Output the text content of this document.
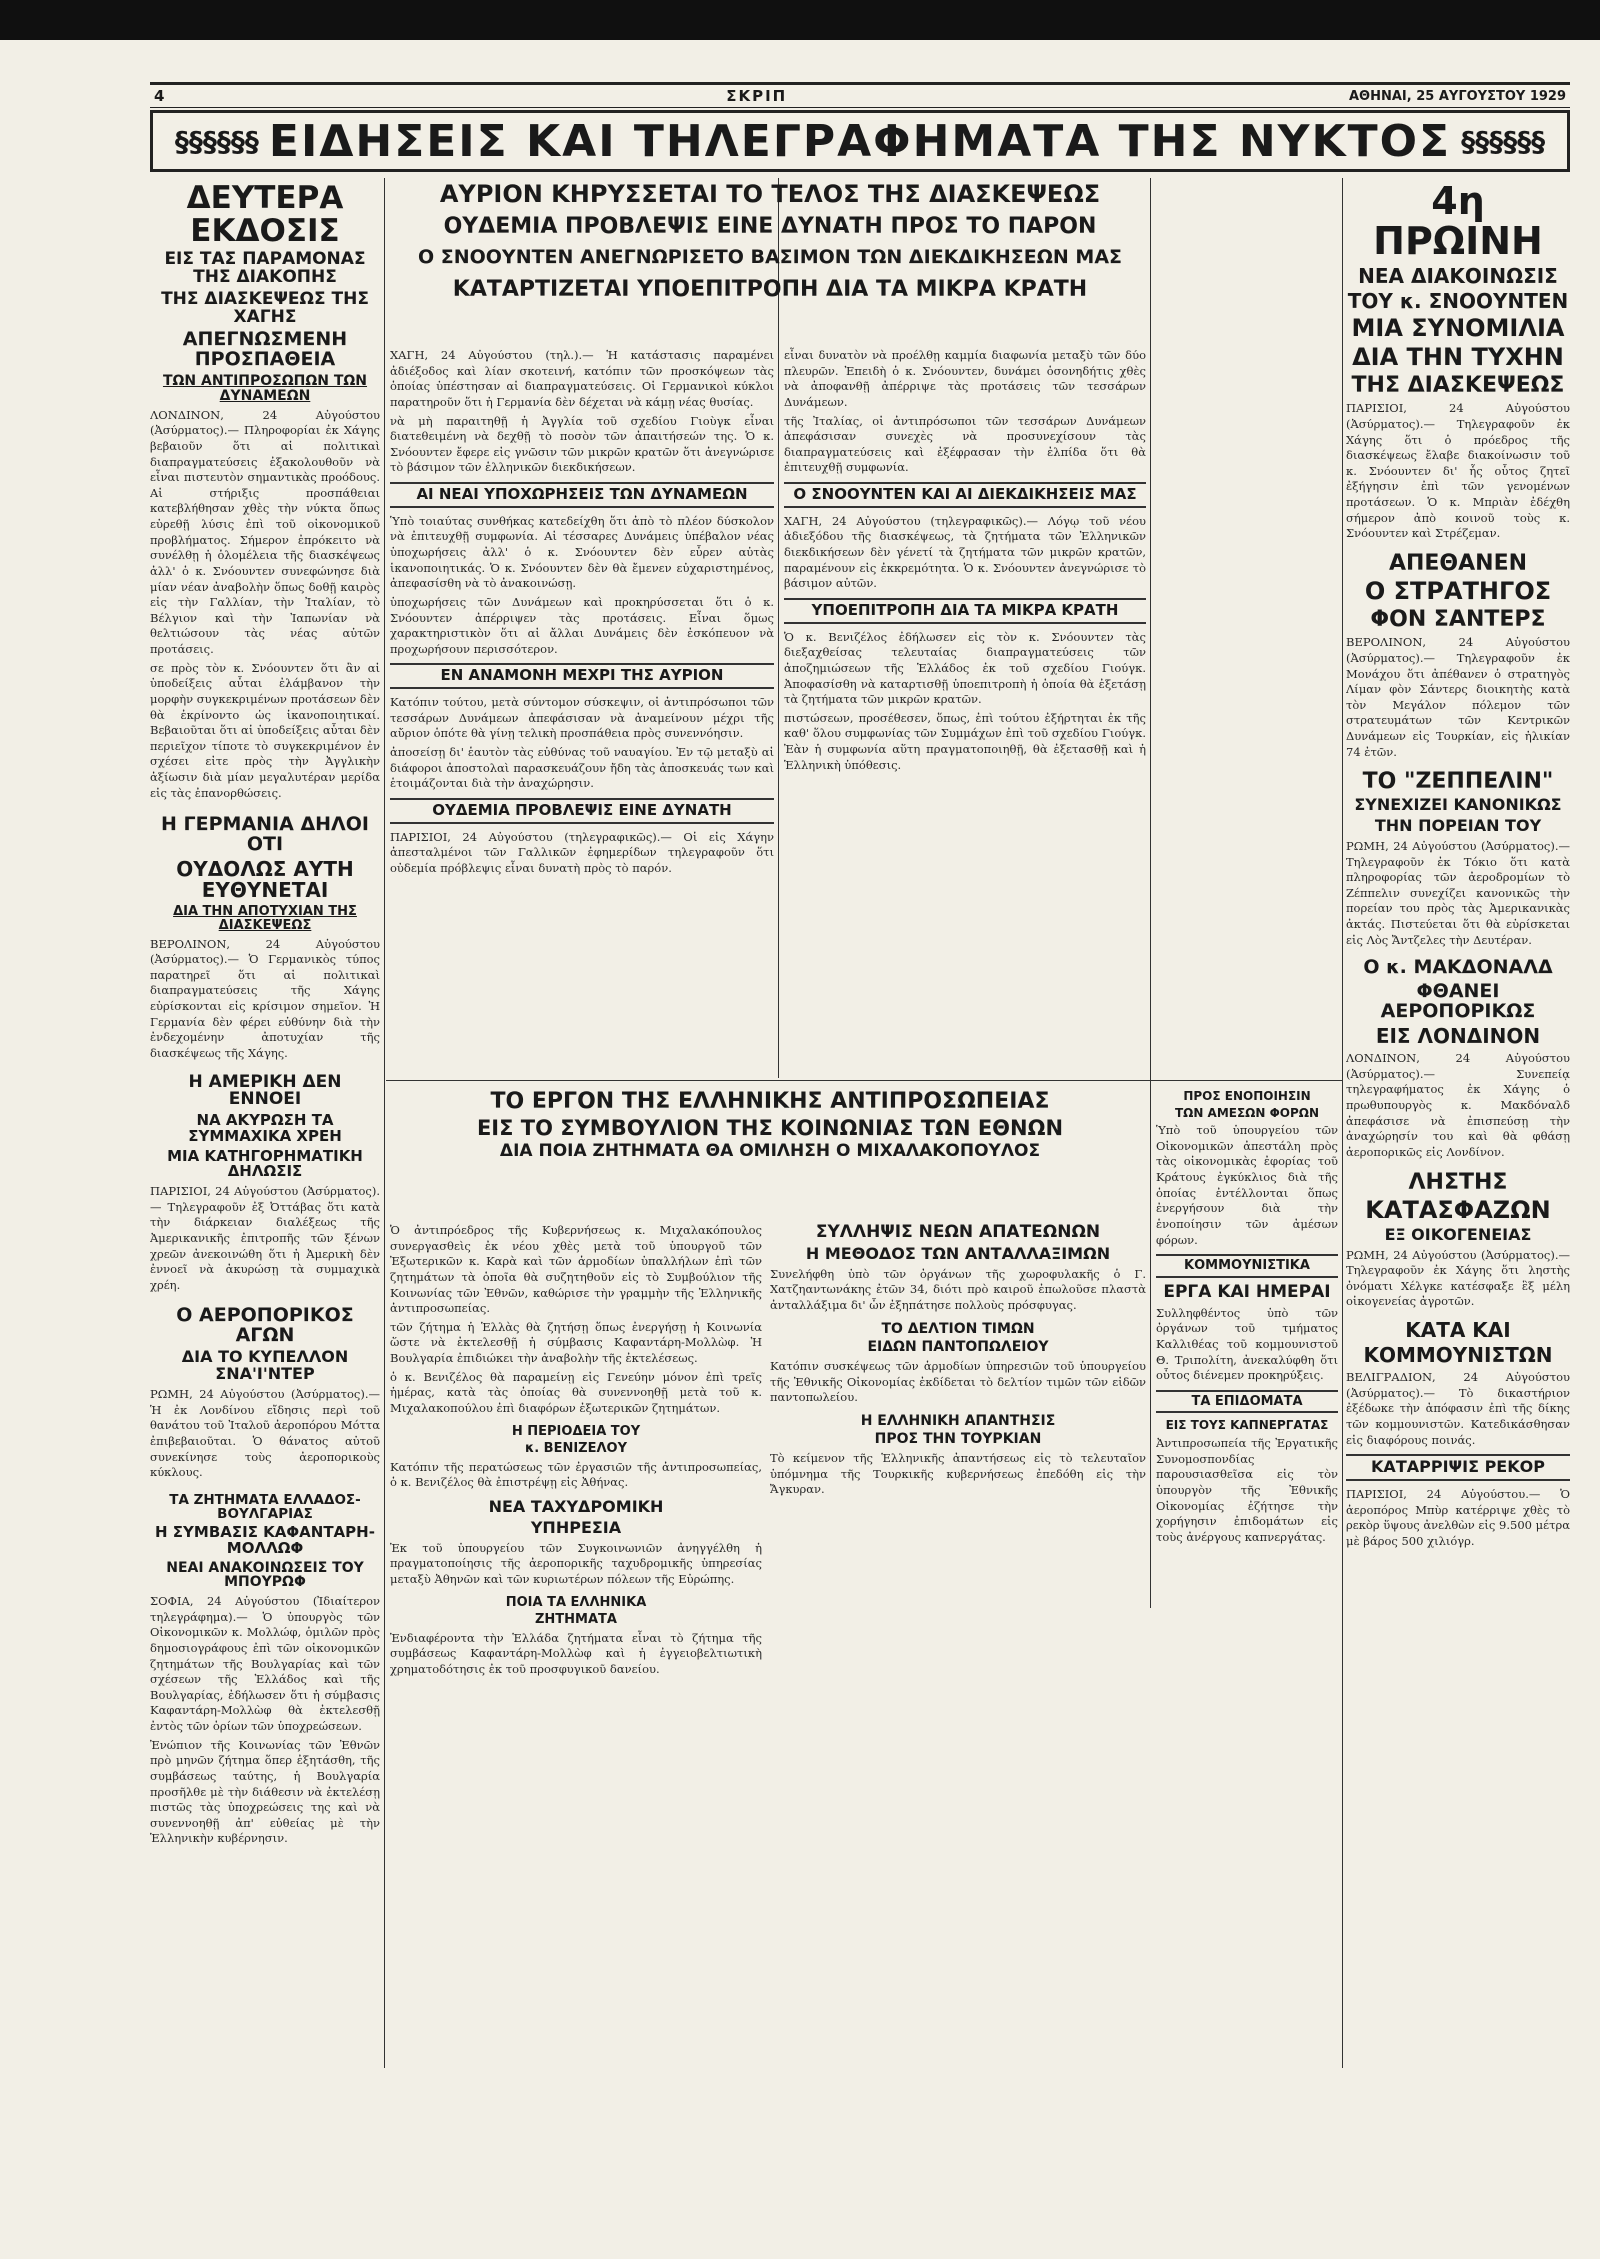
4	ΣΚΡΙΠ	ΑΘΗΝΑΙ, 25 ΑΥΓΟΥΣΤΟΥ 1929
§§§§§§ ΕΙΔΗΣΕΙΣ ΚΑΙ ΤΗΛΕΓΡΑΦΗΜΑΤΑ ΤΗΣ ΝΥΚΤΟΣ §§§§§§
ΔΕΥΤΕΡΑ ΕΚΔΟΣΙΣ
ΕΙΣ ΤΑΣ ΠΑΡΑΜΟΝΑΣ ΤΗΣ ΔΙΑΚΟΠΗΣ
ΤΗΣ ΔΙΑΣΚΕΨΕΩΣ ΤΗΣ ΧΑΓΗΣ
ΑΠΕΓΝΩΣΜΕΝΗ ΠΡΟΣΠΑΘΕΙΑ
ΤΩΝ ΑΝΤΙΠΡΟΣΩΠΩΝ ΤΩΝ ΔΥΝΑΜΕΩΝ

ΛΟΝΔΙΝΟΝ, 24 Αὐγούστου (Ἀσύρματος).— Πληροφορίαι ἐκ Χάγης βεβαιοῦν ὅτι αἱ πολιτικαὶ διαπραγματεύσεις ἐξακολουθοῦν νὰ εἶναι πιστευτὸν σημαντικὰς προόδους. Αἱ στήριξις προσπάθειαι κατεβλήθησαν χθὲς τὴν νύκτα ὅπως εὑρεθῇ λύσις ἐπὶ τοῦ οἰκονομικοῦ προβλήματος. Σήμερον ἐπρόκειτο νὰ συνέλθῃ ἡ ὁλομέλεια τῆς διασκέψεως ἀλλ' ὁ κ. Σνόουντεν συνεφώνησε διὰ μίαν νέαν ἀναβολὴν ὅπως δοθῇ καιρὸς εἰς τὴν Γαλλίαν, τὴν Ἰταλίαν, τὸ Βέλγιον καὶ τὴν Ἰαπωνίαν νὰ θελτιώσουν τὰς νέας αὐτῶν προτάσεις.

σε πρὸς τὸν κ. Σνόουντεν ὅτι ἂν αἱ ὑποδείξεις αὗται ἐλάμβανον τὴν μορφὴν συγκεκριμένων προτάσεων δὲν θὰ ἐκρίνοντο ὡς ἱκανοποιητικαί. Βεβαιοῦται ὅτι αἱ ὑποδείξεις αὗται δὲν περιεῖχον τίποτε τὸ συγκεκριμένον ἐν σχέσει εἰτε πρὸς τὴν Ἀγγλικὴν ἀξίωσιν διὰ μίαν μεγαλυτέραν μερίδα εἰς τὰς ἐπανορθώσεις.

Η ΓΕΡΜΑΝΙΑ ΔΗΛΟΙ ΟΤΙ
ΟΥΔΟΛΩΣ ΑΥΤΗ ΕΥΘΥΝΕΤΑΙ
ΔΙΑ ΤΗΝ ΑΠΟΤΥΧΙΑΝ ΤΗΣ ΔΙΑΣΚΕΨΕΩΣ

ΒΕΡΟΛΙΝΟΝ, 24 Αὐγούστου (Ἀσύρματος).— Ὁ Γερμανικὸς τύπος παρατηρεῖ ὅτι αἱ πολιτικαὶ διαπραγματεύσεις τῆς Χάγης εὑρίσκονται εἰς κρίσιμον σημεῖον. Ἡ Γερμανία δὲν φέρει εὐθύνην διὰ τὴν ἐνδεχομένην ἀποτυχίαν τῆς διασκέψεως τῆς Χάγης.

Η ΑΜΕΡΙΚΗ ΔΕΝ ΕΝΝΟΕΙ
ΝΑ ΑΚΥΡΩΣΗ ΤΑ ΣΥΜΜΑΧΙΚΑ ΧΡΕΗ
ΜΙΑ ΚΑΤΗΓΟΡΗΜΑΤΙΚΗ ΔΗΛΩΣΙΣ

ΠΑΡΙΣΙΟΙ, 24 Αὐγούστου (Ἀσύρματος).— Τηλεγραφοῦν ἐξ Ὀττάβας ὅτι κατὰ τὴν διάρκειαν διαλέξεως τῆς Ἀμερικανικῆς ἐπιτροπῆς τῶν ξένων χρεῶν ἀνεκοινώθη ὅτι ἡ Ἀμερικὴ δὲν ἐννοεῖ νὰ ἀκυρώσῃ τὰ συμμαχικὰ χρέη.

Ο ΑΕΡΟΠΟΡΙΚΟΣ ΑΓΩΝ
ΔΙΑ ΤΟ ΚΥΠΕΛΛΟΝ ΣΝΑ'Ι'ΝΤΕΡ

ΡΩΜΗ, 24 Αὐγούστου (Ἀσύρματος).— Ἡ ἐκ Λονδίνου εἴδησις περὶ τοῦ θανάτου τοῦ Ἰταλοῦ ἀεροπόρου Μόττα ἐπιβεβαιοῦται. Ὁ θάνατος αὐτοῦ συνεκίνησε τοὺς ἀεροπορικοὺς κύκλους.

ΤΑ ΖΗΤΗΜΑΤΑ ΕΛΛΑΔΟΣ-ΒΟΥΛΓΑΡΙΑΣ
Η ΣΥΜΒΑΣΙΣ ΚΑΦΑΝΤΑΡΗ-ΜΟΛΛΩΦ
ΝΕΑΙ ΑΝΑΚΟΙΝΩΣΕΙΣ ΤΟΥ ΜΠΟΥΡΩΦ

ΣΟΦΙΑ, 24 Αὐγούστου (Ἰδιαίτερον τηλεγράφημα).— Ὁ ὑπουργὸς τῶν Οἰκονομικῶν κ. Μολλώφ, ὁμιλῶν πρὸς δημοσιογράφους ἐπὶ τῶν οἰκονομικῶν ζητημάτων τῆς Βουλγαρίας καὶ τῶν σχέσεων τῆς Ἑλλάδος καὶ τῆς Βουλγαρίας, ἐδήλωσεν ὅτι ἡ σύμβασις Καφαντάρη-Μολλὼφ θὰ ἐκτελεσθῇ ἐντὸς τῶν ὁρίων τῶν ὑποχρεώσεων.

Ἐνώπιον τῆς Κοινωνίας τῶν Ἐθνῶν πρὸ μηνῶν ζήτημα ὅπερ ἐξητάσθη, τῆς συμβάσεως ταύτης, ἡ Βουλγαρία προσῆλθε μὲ τὴν διάθεσιν νὰ ἐκτελέσῃ πιστῶς τὰς ὑποχρεώσεις της καὶ νὰ συνεννοηθῇ ἀπ' εὐθείας μὲ τὴν Ἑλληνικὴν κυβέρνησιν.

ΑΥΡΙΟΝ ΚΗΡΥΣΣΕΤΑΙ ΤΟ ΤΕΛΟΣ ΤΗΣ ΔΙΑΣΚΕΨΕΩΣ
ΟΥΔΕΜΙΑ ΠΡΟΒΛΕΨΙΣ ΕΙΝΕ ΔΥΝΑΤΗ ΠΡΟΣ ΤΟ ΠΑΡΟΝ
Ο ΣΝΟΟΥΝΤΕΝ ΑΝΕΓΝΩΡΙΣΕΤΟ ΒΑΣΙΜΟΝ ΤΩΝ ΔΙΕΚΔΙΚΗΣΕΩΝ ΜΑΣ
ΚΑΤΑΡΤΙΖΕΤΑΙ ΥΠΟΕΠΙΤΡΟΠΗ ΔΙΑ ΤΑ ΜΙΚΡΑ ΚΡΑΤΗ

ΧΑΓΗ, 24 Αὐγούστου (τηλ.).— Ἡ κατάστασις παραμένει ἀδιέξοδος καὶ λίαν σκοτεινή, κατόπιν τῶν προσκόψεων τὰς ὁποίας ὑπέστησαν αἱ διαπραγματεύσεις. Οἱ Γερμανικοὶ κύκλοι παρατηροῦν ὅτι ἡ Γερμανία δὲν δέχεται νὰ κάμῃ νέας θυσίας.

νὰ μὴ παραιτηθῇ ἡ Ἀγγλία τοῦ σχεδίου Γιοὺγκ εἶναι διατεθειμένη νὰ δεχθῇ τὸ ποσὸν τῶν ἀπαιτήσεών της. Ὁ κ. Σνόουντεν ἔφερε εἰς γνῶσιν τῶν μικρῶν κρατῶν ὅτι ἀνεγνώρισε τὸ βάσιμον τῶν ἑλληνικῶν διεκδικήσεων.

ΑΙ ΝΕΑΙ ΥΠΟΧΩΡΗΣΕΙΣ ΤΩΝ ΔΥΝΑΜΕΩΝ

Ὑπὸ τοιαύτας συνθήκας κατεδείχθη ὅτι ἀπὸ τὸ πλέον δύσκολον νὰ ἐπιτευχθῇ συμφωνία. Αἱ τέσσαρες Δυνάμεις ὑπέβαλον νέας ὑποχωρήσεις ἀλλ' ὁ κ. Σνόουντεν δὲν εὗρεν αὐτὰς ἱκανοποιητικάς. Ὁ κ. Σνόουντεν δὲν θὰ ἔμενεν εὐχαριστημένος, ἀπεφασίσθη νὰ τὸ ἀνακοινώσῃ.

ὑποχωρήσεις τῶν Δυνάμεων καὶ προκηρύσσεται ὅτι ὁ κ. Σνόουντεν ἀπέρριψεν τὰς προτάσεις. Εἶναι ὅμως χαρακτηριστικὸν ὅτι αἱ ἄλλαι Δυνάμεις δὲν ἐσκόπευον νὰ προχωρήσουν περισσότερον.

ΕΝ ΑΝΑΜΟΝΗ ΜΕΧΡΙ ΤΗΣ ΑΥΡΙΟΝ

Κατόπιν τούτου, μετὰ σύντομον σύσκεψιν, οἱ ἀντιπρόσωποι τῶν τεσσάρων Δυνάμεων ἀπεφάσισαν νὰ ἀναμείνουν μέχρι τῆς αὔριον ὁπότε θὰ γίνῃ τελικὴ προσπάθεια πρὸς συνεννόησιν.

ἀποσείσῃ δι' ἑαυτὸν τὰς εὐθύνας τοῦ ναυαγίου. Ἐν τῷ μεταξὺ αἱ διάφοροι ἀποστολαὶ παρασκευάζουν ἤδη τὰς ἀποσκευάς των καὶ ἑτοιμάζονται διὰ τὴν ἀναχώρησιν.

ΟΥΔΕΜΙΑ ΠΡΟΒΛΕΨΙΣ ΕΙΝΕ ΔΥΝΑΤΗ

ΠΑΡΙΣΙΟΙ, 24 Αὐγούστου (τηλεγραφικῶς).— Οἱ εἰς Χάγην ἀπεσταλμένοι τῶν Γαλλικῶν ἐφημερίδων τηλεγραφοῦν ὅτι οὐδεμία πρόβλεψις εἶναι δυνατὴ πρὸς τὸ παρόν.

εἶναι δυνατὸν νὰ προέλθῃ καμμία διαφωνία μεταξὺ τῶν δύο πλευρῶν. Ἐπειδὴ ὁ κ. Σνόουντεν, δυνάμει ὁσονηδήτις χθὲς νὰ ἀποφανθῇ ἀπέρριψε τὰς προτάσεις τῶν τεσσάρων Δυνάμεων.

τῆς Ἰταλίας, οἱ ἀντιπρόσωποι τῶν τεσσάρων Δυνάμεων ἀπεφάσισαν συνεχὲς νὰ προσυνεχίσουν τὰς διαπραγματεύσεις καὶ ἐξέφρασαν τὴν ἐλπίδα ὅτι θὰ ἐπιτευχθῇ συμφωνία.

Ο ΣΝΟΟΥΝΤΕΝ ΚΑΙ ΑΙ ΔΙΕΚΔΙΚΗΣΕΙΣ ΜΑΣ

ΧΑΓΗ, 24 Αὐγούστου (τηλεγραφικῶς).— Λόγῳ τοῦ νέου ἀδιεξόδου τῆς διασκέψεως, τὰ ζητήματα τῶν Ἑλληνικῶν διεκδικήσεων δὲν γένετί τὰ ζητήματα τῶν μικρῶν κρατῶν, παραμένουν εἰς ἐκκρεμότητα. Ὁ κ. Σνόουντεν ἀνεγνώρισε τὸ βάσιμον αὐτῶν.

ΥΠΟΕΠΙΤΡΟΠΗ ΔΙΑ ΤΑ ΜΙΚΡΑ ΚΡΑΤΗ

Ὁ κ. Βενιζέλος ἐδήλωσεν εἰς τὸν κ. Σνόουντεν τὰς διεξαχθείσας τελευταίας διαπραγματεύσεις τῶν ἀποζημιώσεων τῆς Ἑλλάδος ἐκ τοῦ σχεδίου Γιούγκ. Ἀποφασίσθη νὰ καταρτισθῇ ὑποεπιτροπὴ ἡ ὁποία θὰ ἐξετάσῃ τὰ ζητήματα τῶν μικρῶν κρατῶν.

πιστώσεων, προσέθεσεν, ὅπως, ἐπὶ τούτου ἐξήρτηται ἐκ τῆς καθ' ὅλου συμφωνίας τῶν Συμμάχων ἐπὶ τοῦ σχεδίου Γιούγκ. Ἐὰν ἡ συμφωνία αὕτη πραγματοποιηθῇ, θὰ ἐξετασθῇ καὶ ἡ Ἑλληνικὴ ὑπόθεσις.

4η ΠΡΩΙΝΗ
ΝΕΑ ΔΙΑΚΟΙΝΩΣΙΣ
ΤΟΥ κ. ΣΝΟΟΥΝΤΕΝ
ΜΙΑ ΣΥΝΟΜΙΛΙΑ
ΔΙΑ ΤΗΝ ΤΥΧΗΝ
ΤΗΣ ΔΙΑΣΚΕΨΕΩΣ

ΠΑΡΙΣΙΟΙ, 24 Αὐγούστου (Ἀσύρματος).— Τηλεγραφοῦν ἐκ Χάγης ὅτι ὁ πρόεδρος τῆς διασκέψεως ἔλαβε διακοίνωσιν τοῦ κ. Σνόουντεν δι' ἧς οὗτος ζητεῖ ἐξήγησιν ἐπὶ τῶν γενομένων προτάσεων. Ὁ κ. Μπριὰν ἐδέχθη σήμερον ἀπὸ κοινοῦ τοὺς κ. Σνόουντεν καὶ Στρέζεμαν.

ΑΠΕΘΑΝΕΝ
Ο ΣΤΡΑΤΗΓΟΣ
ΦΟΝ ΣΑΝΤΕΡΣ

ΒΕΡΟΛΙΝΟΝ, 24 Αὐγούστου (Ἀσύρματος).— Τηλεγραφοῦν ἐκ Μονάχου ὅτι ἀπέθανεν ὁ στρατηγὸς Λίμαν φὸν Σάντερς διοικητὴς κατὰ τὸν Μεγάλον πόλεμον τῶν στρατευμάτων τῶν Κεντρικῶν Δυνάμεων εἰς Τουρκίαν, εἰς ἡλικίαν 74 ἐτῶν.

ΤΟ "ΖΕΠΠΕΛΙΝ"
ΣΥΝΕΧΙΖΕΙ ΚΑΝΟΝΙΚΩΣ
ΤΗΝ ΠΟΡΕΙΑΝ ΤΟΥ

ΡΩΜΗ, 24 Αὐγούστου (Ἀσύρματος).— Τηλεγραφοῦν ἐκ Τόκιο ὅτι κατὰ πληροφορίας τῶν ἀεροδρομίων τὸ Ζέππελιν συνεχίζει κανονικῶς τὴν πορείαν του πρὸς τὰς Ἀμερικανικὰς ἀκτάς. Πιστεύεται ὅτι θὰ εὑρίσκεται εἰς Λὸς Ἄντζελες τὴν Δευτέραν.

Ο κ. ΜΑΚΔΟΝΑΛΔ
ΦΘΑΝΕΙ ΑΕΡΟΠΟΡΙΚΩΣ
ΕΙΣ ΛΟΝΔΙΝΟΝ

ΛΟΝΔΙΝΟΝ, 24 Αὐγούστου (Ἀσύρματος).— Συνεπείᾳ τηλεγραφήματος ἐκ Χάγης ὁ πρωθυπουργὸς κ. Μακδόναλδ ἀπεφάσισε νὰ ἐπισπεύσῃ τὴν ἀναχώρησίν του καὶ θὰ φθάσῃ ἀεροπορικῶς εἰς Λονδίνον.

ΛΗΣΤΗΣ
ΚΑΤΑΣΦΑΖΩΝ
ΕΞ ΟΙΚΟΓΕΝΕΙΑΣ

ΡΩΜΗ, 24 Αὐγούστου (Ἀσύρματος).— Τηλεγραφοῦν ἐκ Χάγης ὅτι ληστὴς ὀνόματι Χέλγκε κατέσφαξε ἓξ μέλη οἰκογενείας ἀγροτῶν.

ΚΑΤΑ ΚΑΙ
ΚΟΜΜΟΥΝΙΣΤΩΝ

ΒΕΛΙΓΡΑΔΙΟΝ, 24 Αὐγούστου (Ἀσύρματος).— Τὸ δικαστήριον ἐξέδωκε τὴν ἀπόφασιν ἐπὶ τῆς δίκης τῶν κομμουνιστῶν. Κατεδικάσθησαν εἰς διαφόρους ποινάς.

ΚΑΤΑΡΡΙΨΙΣ ΡΕΚΟΡ

ΠΑΡΙΣΙΟΙ, 24 Αὐγούστου.— Ὁ ἀεροπόρος Μπὺρ κατέρριψε χθὲς τὸ ρεκὸρ ὕψους ἀνελθὼν εἰς 9.500 μέτρα μὲ βάρος 500 χιλιόγρ.

ΤΟ ΕΡΓΟΝ ΤΗΣ ΕΛΛΗΝΙΚΗΣ ΑΝΤΙΠΡΟΣΩΠΕΙΑΣ
ΕΙΣ ΤΟ ΣΥΜΒΟΥΛΙΟΝ ΤΗΣ ΚΟΙΝΩΝΙΑΣ ΤΩΝ ΕΘΝΩΝ
ΔΙΑ ΠΟΙΑ ΖΗΤΗΜΑΤΑ ΘΑ ΟΜΙΛΗΣΗ Ο ΜΙΧΑΛΑΚΟΠΟΥΛΟΣ

Ὁ ἀντιπρόεδρος τῆς Κυβερνήσεως κ. Μιχαλακόπουλος συνεργασθεὶς ἐκ νέου χθὲς μετὰ τοῦ ὑπουργοῦ τῶν Ἐξωτερικῶν κ. Καρὰ καὶ τῶν ἁρμοδίων ὑπαλλήλων ἐπὶ τῶν ζητημάτων τὰ ὁποῖα θὰ συζητηθοῦν εἰς τὸ Συμβούλιον τῆς Κοινωνίας τῶν Ἐθνῶν, καθώρισε τὴν γραμμὴν τῆς Ἑλληνικῆς ἀντιπροσωπείας.

τῶν ζήτημα ἡ Ἑλλὰς θὰ ζητήσῃ ὅπως ἐνεργήσῃ ἡ Κοινωνία ὥστε νὰ ἐκτελεσθῇ ἡ σύμβασις Καφαντάρη-Μολλὼφ. Ἡ Βουλγαρία ἐπιδιώκει τὴν ἀναβολὴν τῆς ἐκτελέσεως.

ὁ κ. Βενιζέλος θὰ παραμείνῃ εἰς Γενεύην μόνον ἐπὶ τρεῖς ἡμέρας, κατὰ τὰς ὁποίας θὰ συνεννοηθῇ μετὰ τοῦ κ. Μιχαλακοπούλου ἐπὶ διαφόρων ἐξωτερικῶν ζητημάτων.

Η ΠΕΡΙΟΔΕΙΑ ΤΟΥ
κ. ΒΕΝΙΖΕΛΟΥ

Κατόπιν τῆς περατώσεως τῶν ἐργασιῶν τῆς ἀντιπροσωπείας, ὁ κ. Βενιζέλος θὰ ἐπιστρέψῃ εἰς Ἀθήνας.

ΝΕΑ ΤΑΧΥΔΡΟΜΙΚΗ
ΥΠΗΡΕΣΙΑ

Ἐκ τοῦ ὑπουργείου τῶν Συγκοινωνιῶν ἀνηγγέλθη ἡ πραγματοποίησις τῆς ἀεροπορικῆς ταχυδρομικῆς ὑπηρεσίας μεταξὺ Ἀθηνῶν καὶ τῶν κυριωτέρων πόλεων τῆς Εὐρώπης.

ΠΟΙΑ ΤΑ ΕΛΛΗΝΙΚΑ
ΖΗΤΗΜΑΤΑ

Ἐνδιαφέροντα τὴν Ἑλλάδα ζητήματα εἶναι τὸ ζήτημα τῆς συμβάσεως Καφαντάρη-Μολλὼφ καὶ ἡ ἐγγειοβελτιωτικὴ χρηματοδότησις ἐκ τοῦ προσφυγικοῦ δανείου.

ΣΥΛΛΗΨΙΣ ΝΕΩΝ ΑΠΑΤΕΩΝΩΝ
Η ΜΕΘΟΔΟΣ ΤΩΝ ΑΝΤΑΛΛΑΞΙΜΩΝ

Συνελήφθη ὑπὸ τῶν ὀργάνων τῆς χωροφυλακῆς ὁ Γ. Χατζηαντωνάκης ἐτῶν 34, διότι πρὸ καιροῦ ἐπωλοῦσε πλαστὰ ἀνταλλάξιμα δι' ὧν ἐξηπάτησε πολλοὺς πρόσφυγας.

ΤΟ ΔΕΛΤΙΟΝ ΤΙΜΩΝ
ΕΙΔΩΝ ΠΑΝΤΟΠΩΛΕΙΟΥ

Κατόπιν συσκέψεως τῶν ἁρμοδίων ὑπηρεσιῶν τοῦ ὑπουργείου τῆς Ἐθνικῆς Οἰκονομίας ἐκδίδεται τὸ δελτίον τιμῶν τῶν εἰδῶν παντοπωλείου.

Η ΕΛΛΗΝΙΚΗ ΑΠΑΝΤΗΣΙΣ
ΠΡΟΣ ΤΗΝ ΤΟΥΡΚΙΑΝ

Τὸ κείμενον τῆς Ἑλληνικῆς ἀπαντήσεως εἰς τὸ τελευταῖον ὑπόμνημα τῆς Τουρκικῆς κυβερνήσεως ἐπεδόθη εἰς τὴν Ἄγκυραν.

ΠΡΟΣ ΕΝΟΠΟΙΗΣΙΝ
ΤΩΝ ΑΜΕΣΩΝ ΦΟΡΩΝ

Ὑπὸ τοῦ ὑπουργείου τῶν Οἰκονομικῶν ἀπεστάλη πρὸς τὰς οἰκονομικὰς ἐφορίας τοῦ Κράτους ἐγκύκλιος διὰ τῆς ὁποίας ἐντέλλονται ὅπως ἐνεργήσουν διὰ τὴν ἑνοποίησιν τῶν ἀμέσων φόρων.

ΚΟΜΜΟΥΝΙΣΤΙΚΑ
ΕΡΓΑ ΚΑΙ ΗΜΕΡΑΙ

Συλληφθέντος ὑπὸ τῶν ὀργάνων τοῦ τμήματος Καλλιθέας τοῦ κομμουνιστοῦ Θ. Τριπολίτη, ἀνεκαλύφθη ὅτι οὗτος διένεμεν προκηρύξεις.

ΤΑ ΕΠΙΔΟΜΑΤΑ
ΕΙΣ ΤΟΥΣ ΚΑΠΝΕΡΓΑΤΑΣ

Ἀντιπροσωπεία τῆς Ἐργατικῆς Συνομοσπονδίας παρουσιασθεῖσα εἰς τὸν ὑπουργὸν τῆς Ἐθνικῆς Οἰκονομίας ἐζήτησε τὴν χορήγησιν ἐπιδομάτων εἰς τοὺς ἀνέργους καπνεργάτας.
